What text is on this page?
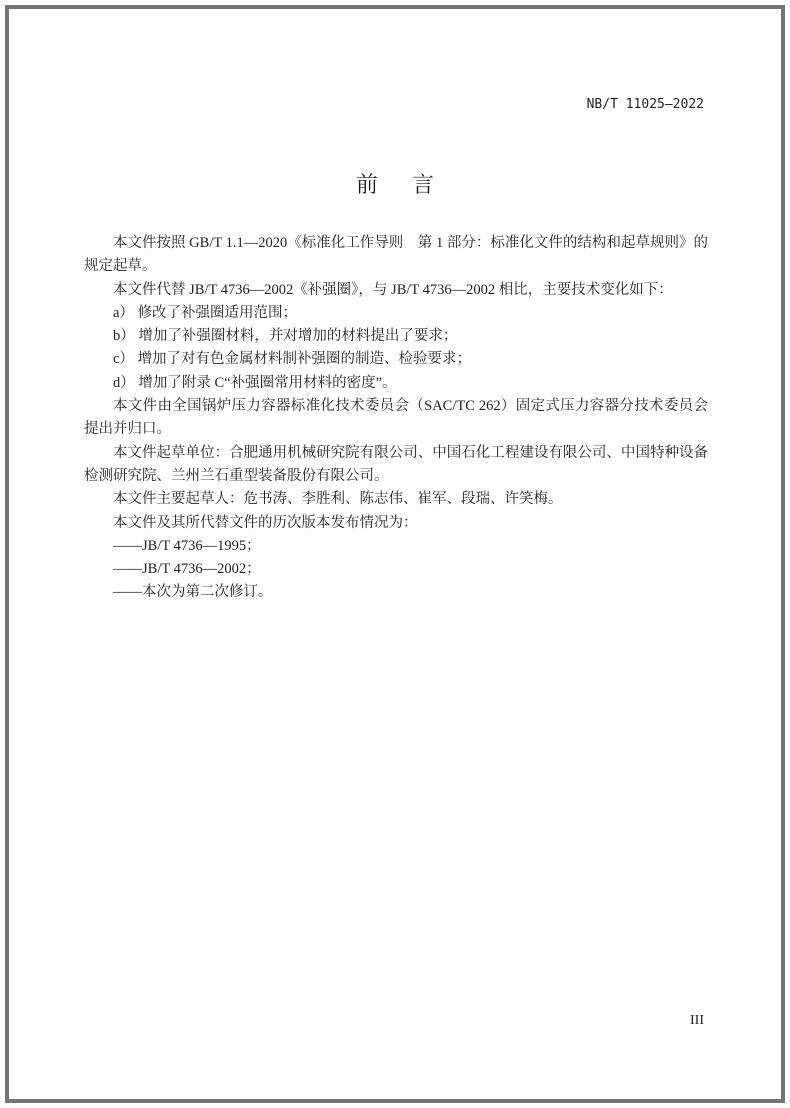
NB/T 11025—2022
前言

本文件按照 GB/T 1.1—2020《标准化工作导则　第 1 部分：标准化文件的结构和起草规则》的规定起草。

本文件代替 JB/T 4736—2002《补强圈》，与 JB/T 4736—2002 相比，主要技术变化如下：

a） 修改了补强圈适用范围；
b） 增加了补强圈材料，并对增加的材料提出了要求；
c） 增加了对有色金属材料制补强圈的制造、检验要求；
d） 增加了附录 C“补强圈常用材料的密度”。

本文件由全国锅炉压力容器标准化技术委员会（SAC/TC 262）固定式压力容器分技术委员会提出并归口。

本文件起草单位：合肥通用机械研究院有限公司、中国石化工程建设有限公司、中国特种设备检测研究院、兰州兰石重型装备股份有限公司。

本文件主要起草人：危书涛、李胜利、陈志伟、崔军、段瑞、许笑梅。

本文件及其所代替文件的历次版本发布情况为：

——JB/T 4736—1995；
——JB/T 4736—2002；
——本次为第二次修订。
III
